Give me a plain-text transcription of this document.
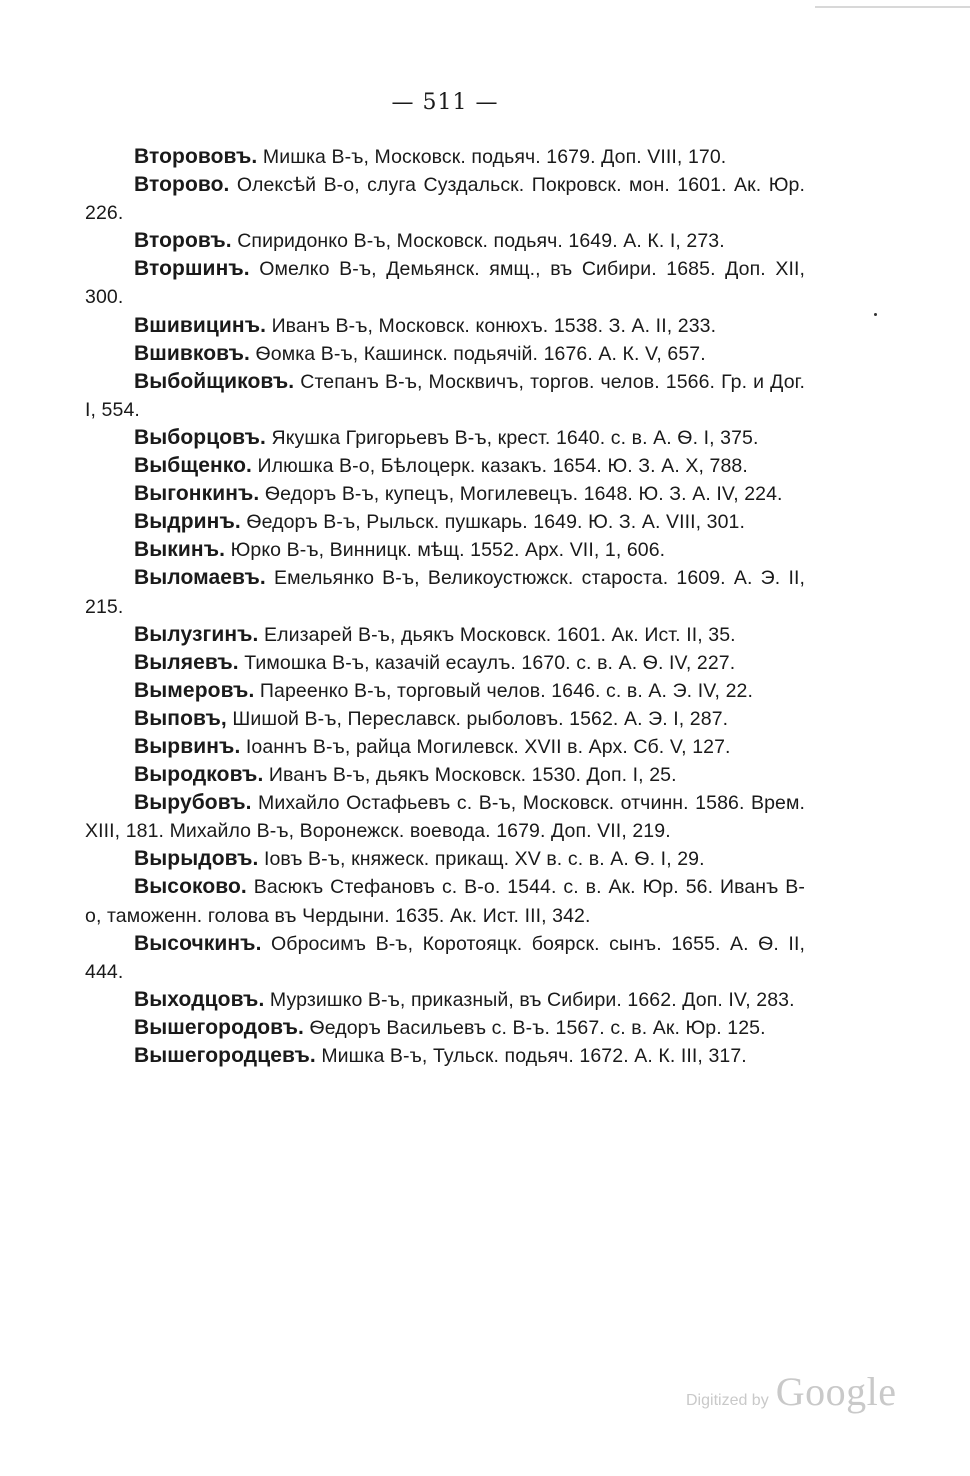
— 511 —

Вторововъ. Мишка В-ъ, Московск. подьяч. 1679. Доп. VIII, 170.

Второво. Олексѣй В-о, слуга Суздальск. Покровск. мон. 1601. Ак. Юр. 226.

Второвъ. Спиридонко В-ъ, Московск. подьяч. 1649. А. К. I, 273.

Вторшинъ. Омелко В-ъ, Демьянск. ямщ., въ Сибири. 1685. Доп. XII, 300.

Вшивицинъ. Иванъ В-ъ, Московск. конюхъ. 1538. З. А. II, 233.

Вшивковъ. Ѳомка В-ъ, Кашинск. подьячій. 1676. А. К. V, 657.

Выбойщиковъ. Степанъ В-ъ, Москвичъ, торгов. челов. 1566. Гр. и Дог. I, 554.

Выборцовъ. Якушка Григорьевъ В-ъ, крест. 1640. с. в. А. Ѳ. I, 375.

Выбщенко. Илюшка В-о, Бѣлоцерк. казакъ. 1654. Ю. З. А. X, 788.

Выгонкинъ. Ѳедоръ В-ъ, купецъ, Могилевецъ. 1648. Ю. З. А. IV, 224.

Выдринъ. Ѳедоръ В-ъ, Рыльск. пушкарь. 1649. Ю. З. А. VIII, 301.

Выкинъ. Юрко В-ъ, Винницк. мѣщ. 1552. Арх. VII, 1, 606.

Выломаевъ. Емельянко В-ъ, Великоустюжск. староста. 1609. А. Э. II, 215.

Вылузгинъ. Елизарей В-ъ, дьякъ Московск. 1601. Ак. Ист. II, 35.

Выляевъ. Тимошка В-ъ, казачій есаулъ. 1670. с. в. А. Ѳ. IV, 227.

Вымеровъ. Пареенко В-ъ, торговый челов. 1646. с. в. А. Э. IV, 22.

Выповъ, Шишой В-ъ, Переславск. рыболовъ. 1562. А. Э. I, 287.

Вырвинъ. Іоаннъ В-ъ, райца Могилевск. XVII в. Арх. Сб. V, 127.

Выродковъ. Иванъ В-ъ, дьякъ Московск. 1530. Доп. I, 25.

Вырубовъ. Михайло Остафьевъ с. В-ъ, Московск. отчинн. 1586. Врем. XIII, 181. Михайло В-ъ, Воронежск. воевода. 1679. Доп. VII, 219.

Вырыдовъ. Іовъ В-ъ, княжеск. прикащ. XV в. с. в. А. Ѳ. I, 29.

Высоково. Васюкъ Стефановъ с. В-о. 1544. с. в. Ак. Юр. 56. Иванъ В-о, таможенн. голова въ Чердыни. 1635. Ак. Ист. III, 342.

Высочкинъ. Обросимъ В-ъ, Коротояцк. боярск. сынъ. 1655. А. Ѳ. II, 444.

Выходцовъ. Мурзишко В-ъ, приказный, въ Сибири. 1662. Доп. IV, 283.

Вышегородовъ. Ѳедоръ Васильевъ с. В-ъ. 1567. с. в. Ак. Юр. 125.

Вышегородцевъ. Мишка В-ъ, Тульск. подьяч. 1672. А. К. III, 317.

Digitized by Google
